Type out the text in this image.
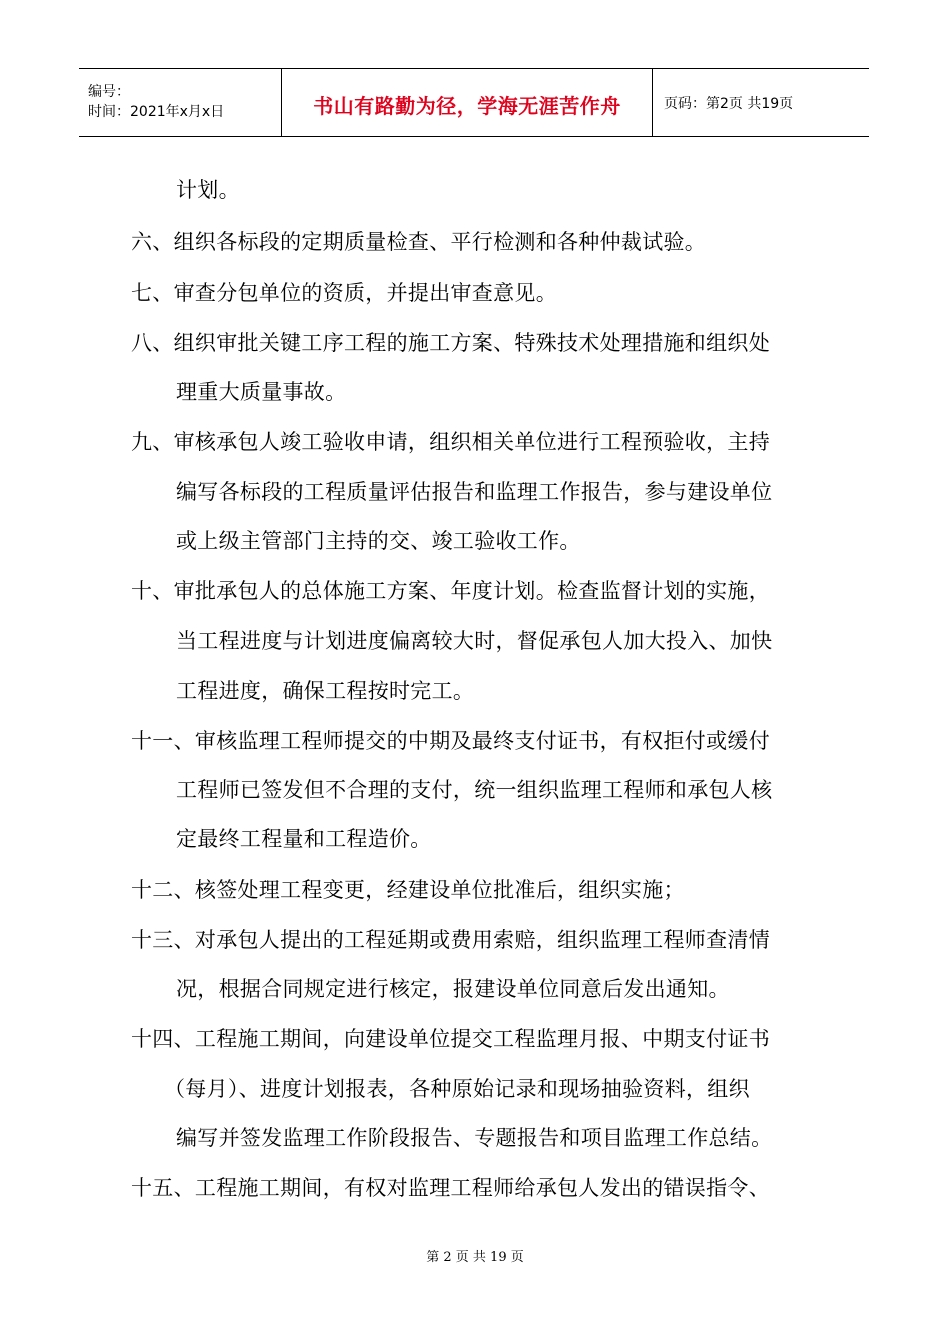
编号：
时间：2021年x月x日	书山有路勤为径，学海无涯苦作舟	页码：第2页 共19页
计划。
六、组织各标段的定期质量检查、平行检测和各种仲裁试验。
七、审查分包单位的资质，并提出审查意见。
八、组织审批关键工序工程的施工方案、特殊技术处理措施和组织处
理重大质量事故。
九、审核承包人竣工验收申请，组织相关单位进行工程预验收，主持
编写各标段的工程质量评估报告和监理工作报告，参与建设单位
或上级主管部门主持的交、竣工验收工作。
十、审批承包人的总体施工方案、年度计划。检查监督计划的实施，
当工程进度与计划进度偏离较大时，督促承包人加大投入、加快
工程进度，确保工程按时完工。
十一、审核监理工程师提交的中期及最终支付证书，有权拒付或缓付
工程师已签发但不合理的支付，统一组织监理工程师和承包人核
定最终工程量和工程造价。
十二、核签处理工程变更，经建设单位批准后，组织实施；
十三、对承包人提出的工程延期或费用索赔，组织监理工程师查清情
况，根据合同规定进行核定，报建设单位同意后发出通知。
十四、工程施工期间，向建设单位提交工程监理月报、中期支付证书
（每月）、进度计划报表，各种原始记录和现场抽验资料，组织
编写并签发监理工作阶段报告、专题报告和项目监理工作总结。
十五、工程施工期间，有权对监理工程师给承包人发出的错误指令、
第 2 页 共 19 页
